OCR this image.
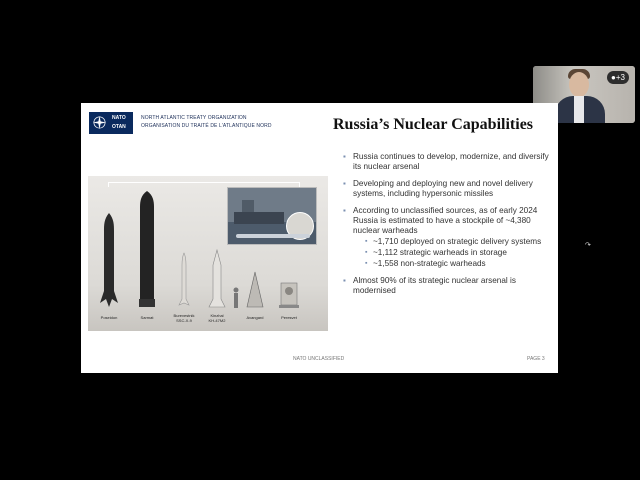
●+3
NATO
OTAN
NORTH ATLANTIC TREATY ORGANIZATION
ORGANISATION DU TRAITÉ DE L'ATLANTIQUE NORD	Russia’s Nuclear Capabilities
Poseidon	Sarmat	Burevestnik
SSC-X-9
Kinzhal
KH-47M2
Avangard	Peresvet
▪ Russia continues to develop, modernize, and diversify its nuclear arsenal
▪ Developing and deploying new and novel delivery systems, including hypersonic missiles
▪ According to unclassified sources, as of early 2024 Russia is estimated to have a stockpile of ~4,380 nuclear warheads
▪ ~1,710 deployed on strategic delivery systems
▪ ~1,112 strategic warheads in storage
▪ ~1,558 non-strategic warheads
▪ Almost 90% of its strategic nuclear arsenal is modernised
NATO UNCLASSIFIED	PAGE 3
↷
